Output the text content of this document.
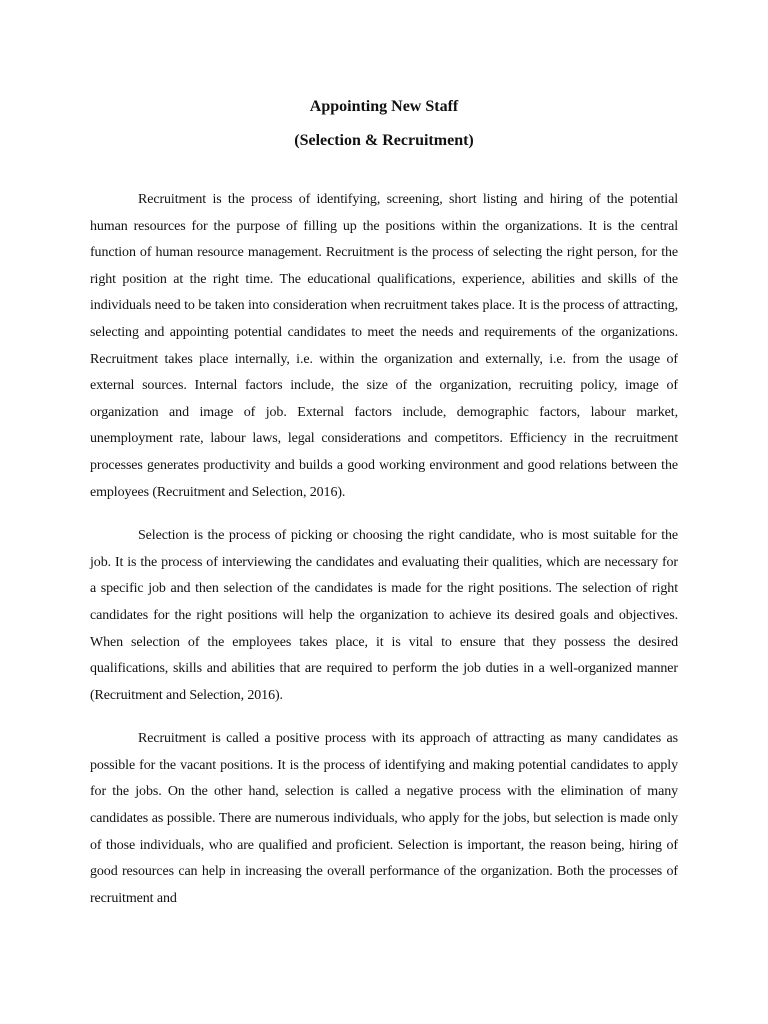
Appointing New Staff
(Selection & Recruitment)

Recruitment is the process of identifying, screening, short listing and hiring of the potential human resources for the purpose of filling up the positions within the organizations. It is the central function of human resource management. Recruitment is the process of selecting the right person, for the right position at the right time. The educational qualifications, experience, abilities and skills of the individuals need to be taken into consideration when recruitment takes place. It is the process of attracting, selecting and appointing potential candidates to meet the needs and requirements of the organizations. Recruitment takes place internally, i.e. within the organization and externally, i.e. from the usage of external sources. Internal factors include, the size of the organization, recruiting policy, image of organization and image of job. External factors include, demographic factors, labour market, unemployment rate, labour laws, legal considerations and competitors. Efficiency in the recruitment processes generates productivity and builds a good working environment and good relations between the employees (Recruitment and Selection, 2016).

Selection is the process of picking or choosing the right candidate, who is most suitable for the job. It is the process of interviewing the candidates and evaluating their qualities, which are necessary for a specific job and then selection of the candidates is made for the right positions. The selection of right candidates for the right positions will help the organization to achieve its desired goals and objectives. When selection of the employees takes place, it is vital to ensure that they possess the desired qualifications, skills and abilities that are required to perform the job duties in a well-organized manner (Recruitment and Selection, 2016).

Recruitment is called a positive process with its approach of attracting as many candidates as possible for the vacant positions. It is the process of identifying and making potential candidates to apply for the jobs. On the other hand, selection is called a negative process with the elimination of many candidates as possible. There are numerous individuals, who apply for the jobs, but selection is made only of those individuals, who are qualified and proficient. Selection is important, the reason being, hiring of good resources can help in increasing the overall performance of the organization. Both the processes of recruitment and
